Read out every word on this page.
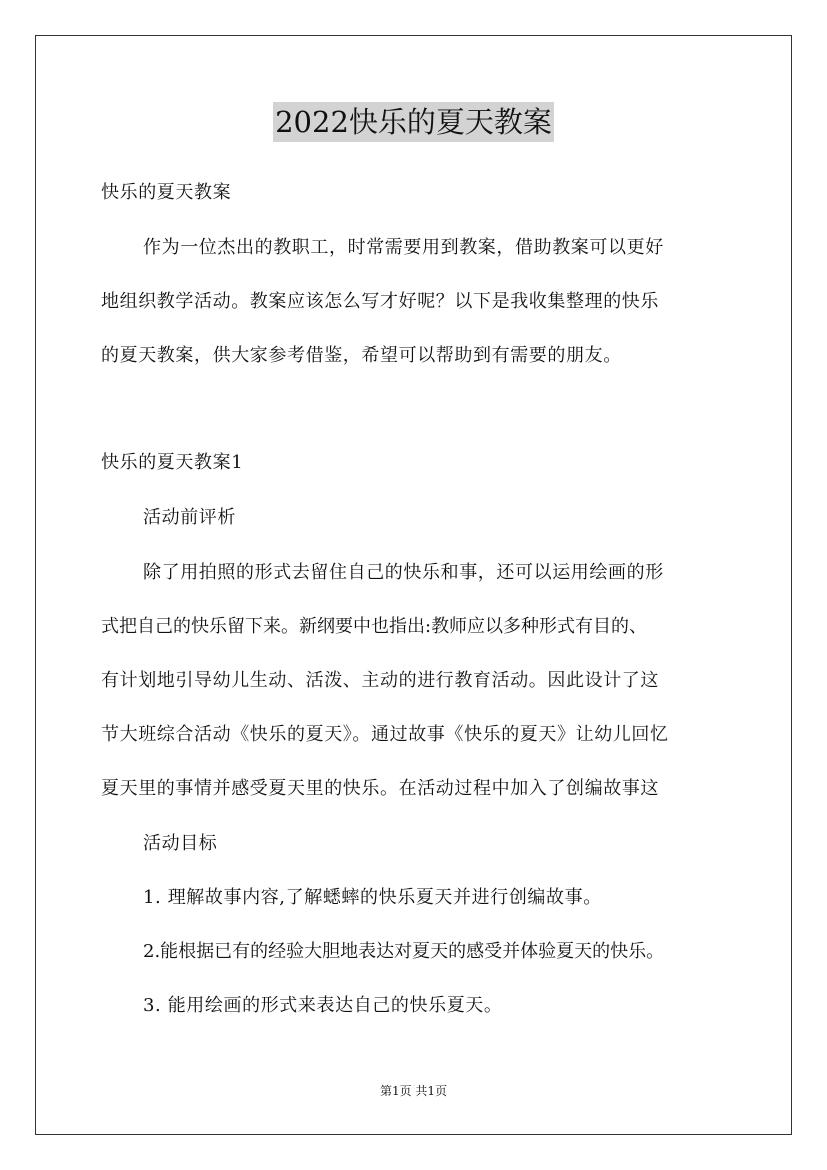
2022快乐的夏天教案
快乐的夏天教案
作为一位杰出的教职工，时常需要用到教案，借助教案可以更好
地组织教学活动。教案应该怎么写才好呢？以下是我收集整理的快乐
的夏天教案，供大家参考借鉴，希望可以帮助到有需要的朋友。
快乐的夏天教案1
活动前评析
除了用拍照的形式去留住自己的快乐和事，还可以运用绘画的形
式把自己的快乐留下来。新纲要中也指出:教师应以多种形式有目的、
有计划地引导幼儿生动、活泼、主动的进行教育活动。因此设计了这
节大班综合活动《快乐的夏天》。通过故事《快乐的夏天》让幼儿回忆
夏天里的事情并感受夏天里的快乐。在活动过程中加入了创编故事这
活动目标
1. 理解故事内容,了解蟋蟀的快乐夏天并进行创编故事。
2.能根据已有的经验大胆地表达对夏天的感受并体验夏天的快乐。
3. 能用绘画的形式来表达自己的快乐夏天。
第1页 共1页
